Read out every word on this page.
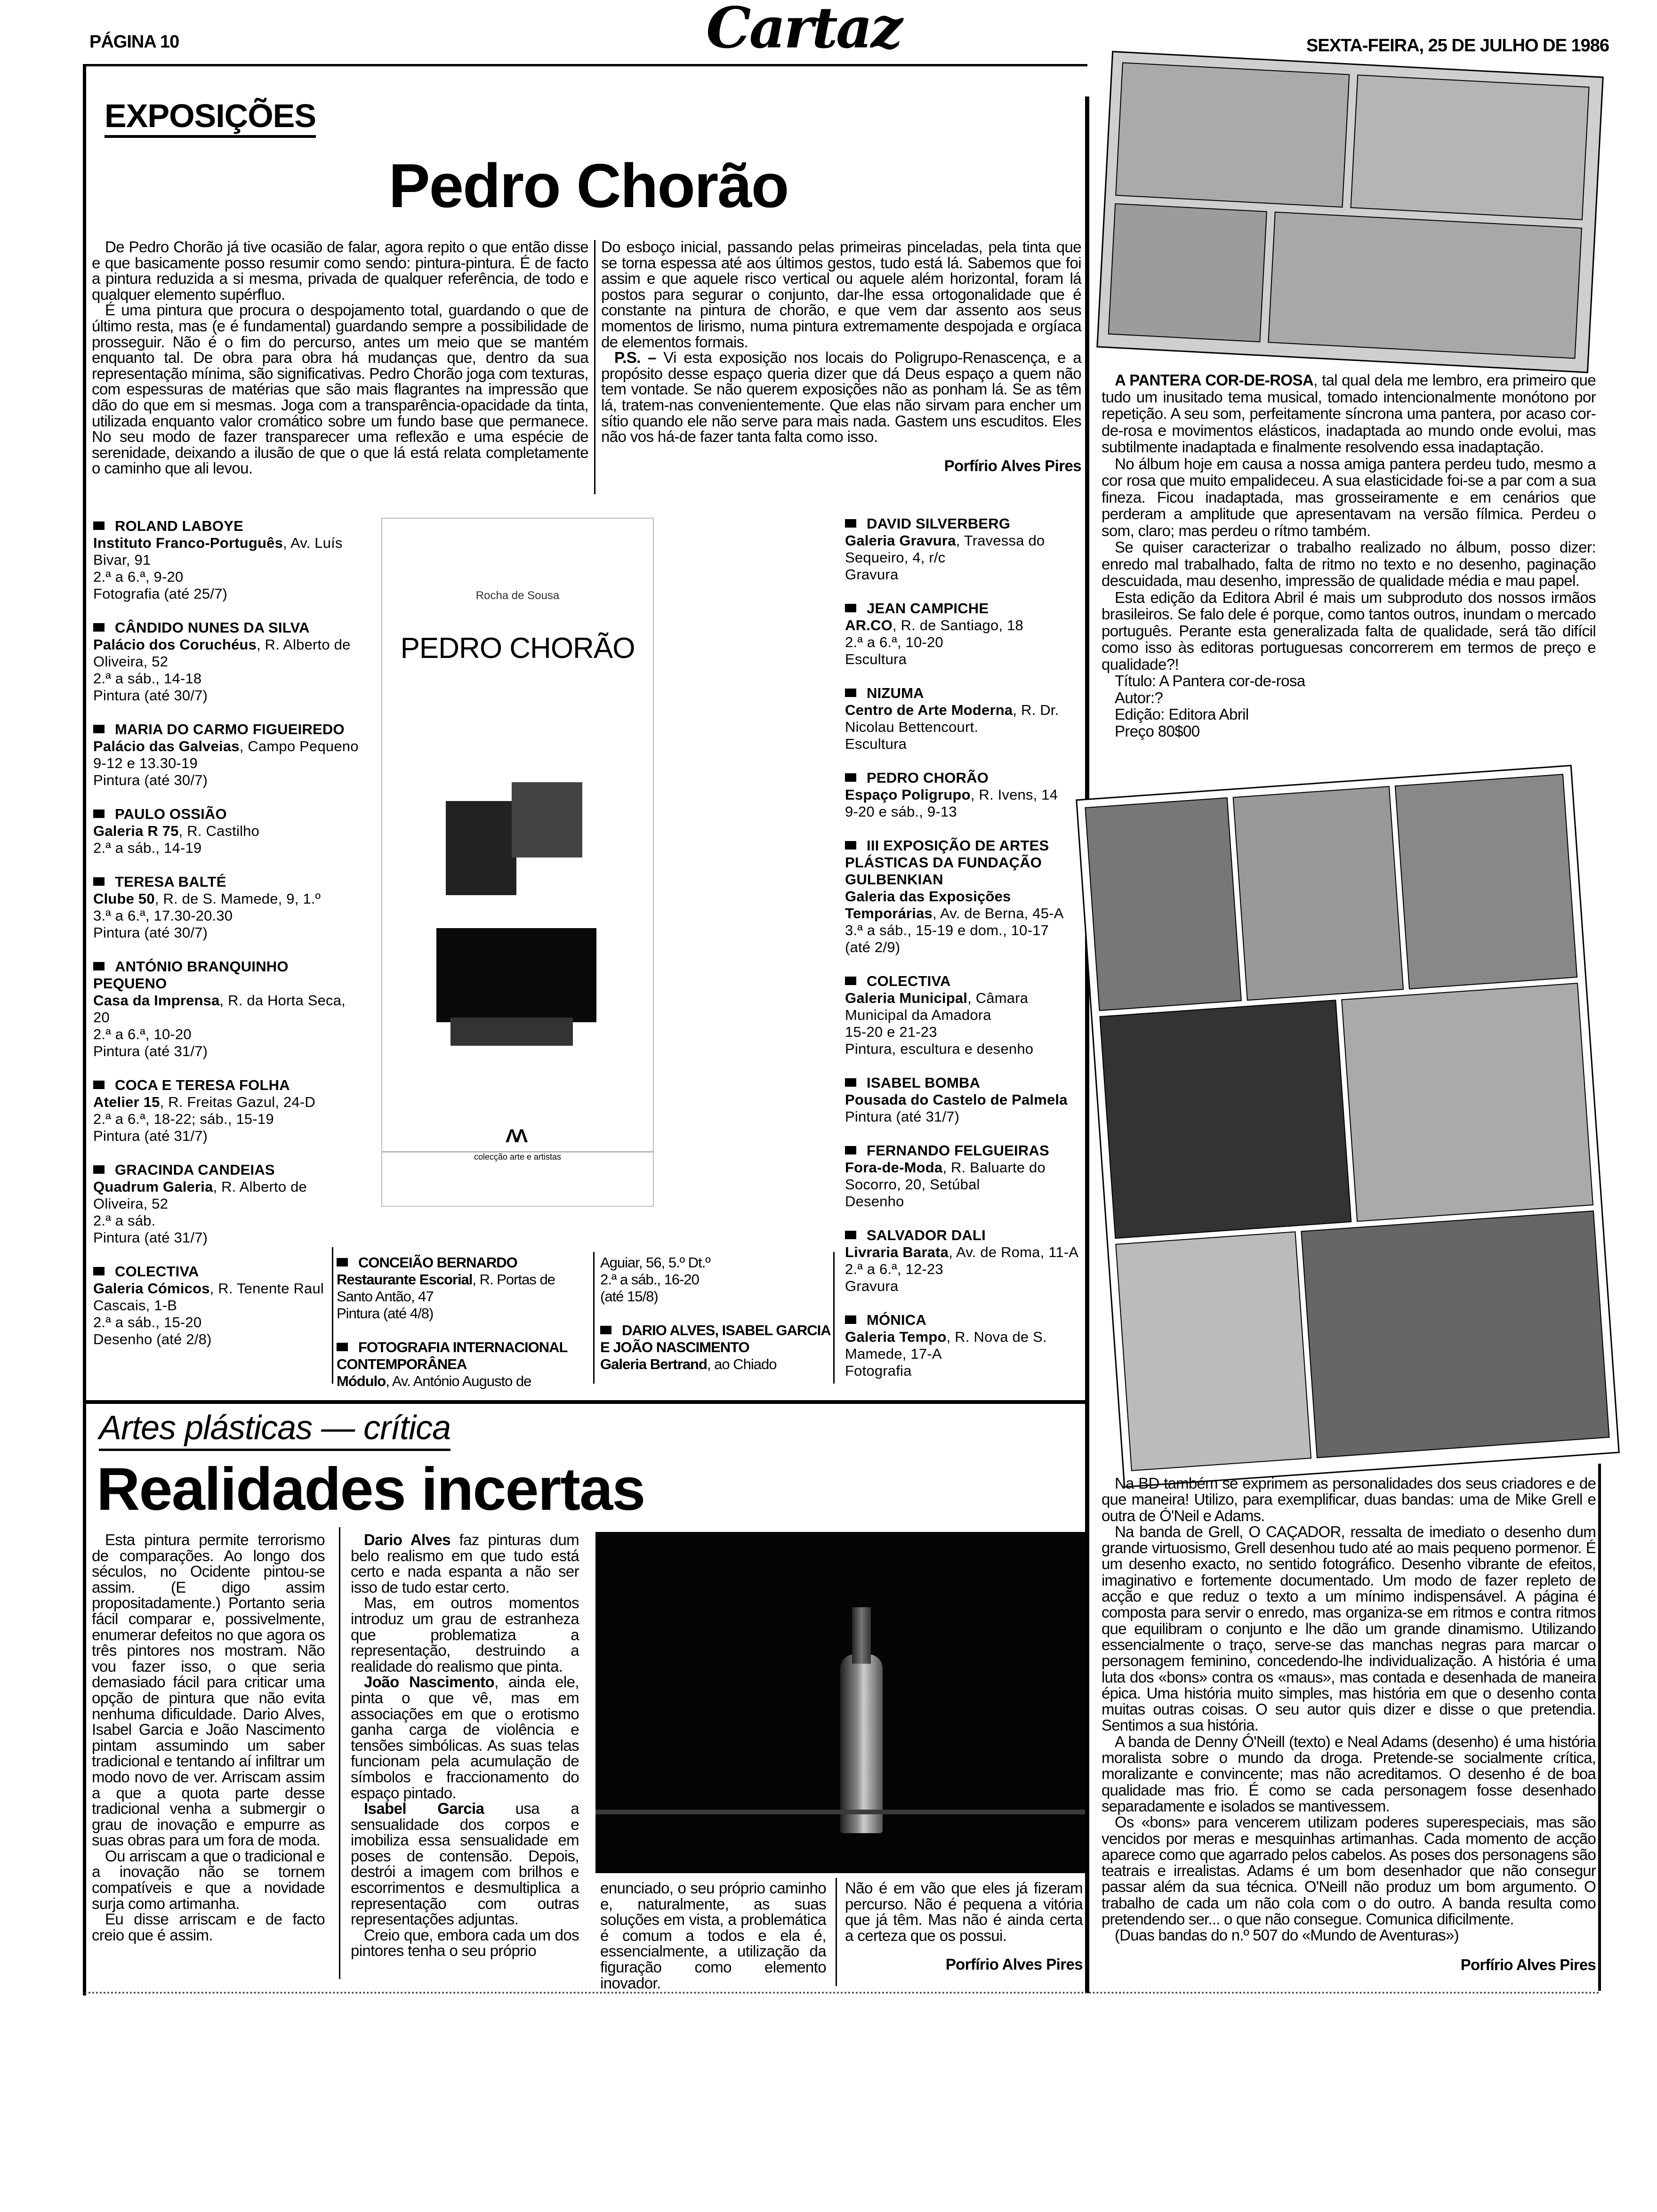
PÁGINA 10	Cartaz	SEXTA-FEIRA, 25 DE JULHO DE 1986
EXPOSIÇÕES
Pedro Chorão

De Pedro Chorão já tive ocasião de falar, agora repito o que então disse e que basicamente posso resumir como sendo: pintura-pintura. É de facto a pintura reduzida a si mesma, privada de qualquer referência, de todo e qualquer elemento supérfluo.

É uma pintura que procura o despojamento total, guardando o que de último resta, mas (e é fundamental) guardando sempre a possibilidade de prosseguir. Não é o fim do percurso, antes um meio que se mantém enquanto tal. De obra para obra há mudanças que, dentro da sua representação mínima, são significativas. Pedro Chorão joga com texturas, com espessuras de matérias que são mais flagrantes na impressão que dão do que em si mesmas. Joga com a transparência-opacidade da tinta, utilizada enquanto valor cromático sobre um fundo base que permanece. No seu modo de fazer transparecer uma reflexão e uma espécie de serenidade, deixando a ilusão de que o que lá está relata completamente o caminho que ali levou.

Do esboço inicial, passando pelas primeiras pinceladas, pela tinta que se torna espessa até aos últimos gestos, tudo está lá. Sabemos que foi assim e que aquele risco vertical ou aquele além horizontal, foram lá postos para segurar o conjunto, dar-lhe essa ortogonalidade que é constante na pintura de chorão, e que vem dar assento aos seus momentos de lirismo, numa pintura extremamente despojada e orgíaca de elementos formais.

P.S. – Vi esta exposição nos locais do Poligrupo-Renascença, e a propósito desse espaço queria dizer que dá Deus espaço a quem não tem vontade. Se não querem exposições não as ponham lá. Se as têm lá, tratem-nas convenientemente. Que elas não sirvam para encher um sítio quando ele não serve para mais nada. Gastem uns escuditos. Eles não vos há-de fazer tanta falta como isso.

Porfírio Alves Pires

ROLAND LABOYE
Instituto Franco-Português, Av. Luís Bivar, 91
2.ª a 6.ª, 9-20
Fotografia (até 25/7)
CÂNDIDO NUNES DA SILVA
Palácio dos Coruchéus, R. Alberto de Oliveira, 52
2.ª a sáb., 14-18
Pintura (até 30/7)
MARIA DO CARMO FIGUEIREDO
Palácio das Galveias, Campo Pequeno
9-12 e 13.30-19
Pintura (até 30/7)
PAULO OSSIÃO
Galeria R 75, R. Castilho
2.ª a sáb., 14-19
TERESA BALTÉ
Clube 50, R. de S. Mamede, 9, 1.º
3.ª a 6.ª, 17.30-20.30
Pintura (até 30/7)
ANTÓNIO BRANQUINHO PEQUENO
Casa da Imprensa, R. da Horta Seca, 20
2.ª a 6.ª, 10-20
Pintura (até 31/7)
COCA E TERESA FOLHA
Atelier 15, R. Freitas Gazul, 24-D
2.ª a 6.ª, 18-22; sáb., 15-19
Pintura (até 31/7)
GRACINDA CANDEIAS
Quadrum Galeria, R. Alberto de Oliveira, 52
2.ª a sáb.
Pintura (até 31/7)
COLECTIVA
Galeria Cómicos, R. Tenente Raul Cascais, 1-B
2.ª a sáb., 15-20
Desenho (até 2/8)
Rocha de Sousa
PEDRO CHORÃO
ΛΛ
colecção arte e artistas
CONCEIÃO BERNARDO
Restaurante Escorial, R. Portas de Santo Antão, 47
Pintura (até 4/8)
FOTOGRAFIA INTERNACIONAL CONTEMPORÂNEA
Módulo, Av. António Augusto de
Aguiar, 56, 5.º Dt.º
2.ª a sáb., 16-20
(até 15/8)
DARIO ALVES, ISABEL GARCIA E JOÃO NASCIMENTO
Galeria Bertrand, ao Chiado
DAVID SILVERBERG
Galeria Gravura, Travessa do Sequeiro, 4, r/c
Gravura
JEAN CAMPICHE
AR.CO, R. de Santiago, 18
2.ª a 6.ª, 10-20
Escultura
NIZUMA
Centro de Arte Moderna, R. Dr. Nicolau Bettencourt.
Escultura
PEDRO CHORÃO
Espaço Poligrupo, R. Ivens, 14
9-20 e sáb., 9-13
III EXPOSIÇÃO DE ARTES PLÁSTICAS DA FUNDAÇÃO GULBENKIAN
Galeria das Exposições Temporárias, Av. de Berna, 45-A
3.ª a sáb., 15-19 e dom., 10-17
(até 2/9)
COLECTIVA
Galeria Municipal, Câmara Municipal da Amadora
15-20 e 21-23
Pintura, escultura e desenho
ISABEL BOMBA
Pousada do Castelo de Palmela
Pintura (até 31/7)
FERNANDO FELGUEIRAS
Fora-de-Moda, R. Baluarte do Socorro, 20, Setúbal
Desenho
SALVADOR DALI
Livraria Barata, Av. de Roma, 11-A
2.ª a 6.ª, 12-23
Gravura
MÓNICA
Galeria Tempo, R. Nova de S. Mamede, 17-A
Fotografia
Artes plásticas — crítica
Realidades incertas

Esta pintura permite terrorismo de comparações. Ao longo dos séculos, no Ocidente pintou-se assim. (E digo assim propositadamente.) Portanto seria fácil comparar e, possivelmente, enumerar defeitos no que agora os três pintores nos mostram. Não vou fazer isso, o que seria demasiado fácil para criticar uma opção de pintura que não evita nenhuma dificuldade. Dario Alves, Isabel Garcia e João Nascimento pintam assumindo um saber tradicional e tentando aí infiltrar um modo novo de ver. Arriscam assim a que a quota parte desse tradicional venha a submergir o grau de inovação e empurre as suas obras para um fora de moda.

Ou arriscam a que o tradicional e a inovação não se tornem compatíveis e que a novidade surja como artimanha.

Eu disse arriscam e de facto creio que é assim.

Dario Alves faz pinturas dum belo realismo em que tudo está certo e nada espanta a não ser isso de tudo estar certo.

Mas, em outros momentos introduz um grau de estranheza que problematiza a representação, destruindo a realidade do realismo que pinta.

João Nascimento, ainda ele, pinta o que vê, mas em associações em que o erotismo ganha carga de violência e tensões simbólicas. As suas telas funcionam pela acumulação de símbolos e fraccionamento do espaço pintado.

Isabel Garcia usa a sensualidade dos corpos e imobiliza essa sensualidade em poses de contensão. Depois, destrói a imagem com brilhos e escorrimentos e desmultiplica a representação com outras representações adjuntas.

Creio que, embora cada um dos pintores tenha o seu próprio

enunciado, o seu próprio caminho e, naturalmente, as suas soluções em vista, a problemática é comum a todos e ela é, essencialmente, a utilização da figuração como elemento inovador.

Não é em vão que eles já fizeram percurso. Não é pequena a vitória que já têm. Mas não é ainda certa a certeza que os possui.

Porfírio Alves Pires

A PANTERA COR-DE-ROSA, tal qual dela me lembro, era primeiro que tudo um inusitado tema musical, tomado intencionalmente monótono por repetição. A seu som, perfeitamente síncrona uma pantera, por acaso cor-de-rosa e movimentos elásticos, inadaptada ao mundo onde evolui, mas subtilmente inadaptada e finalmente resolvendo essa inadaptação.

No álbum hoje em causa a nossa amiga pantera perdeu tudo, mesmo a cor rosa que muito empalideceu. A sua elasticidade foi-se a par com a sua fineza. Ficou inadaptada, mas grosseiramente e em cenários que perderam a amplitude que apresentavam na versão fílmica. Perdeu o som, claro; mas perdeu o rítmo também.

Se quiser caracterizar o trabalho realizado no álbum, posso dizer: enredo mal trabalhado, falta de ritmo no texto e no desenho, paginação descuidada, mau desenho, impressão de qualidade média e mau papel.

Esta edição da Editora Abril é mais um subproduto dos nossos irmãos brasileiros. Se falo dele é porque, como tantos outros, inundam o mercado português. Perante esta generalizada falta de qualidade, será tão difícil como isso às editoras portuguesas concorrerem em termos de preço e qualidade?!

Título: A Pantera cor-de-rosa

Autor:?

Edição: Editora Abril

Preço 80$00

Na BD também se exprimem as personalidades dos seus criadores e de que maneira! Utilizo, para exemplificar, duas bandas: uma de Mike Grell e outra de Ó'Neil e Adams.

Na banda de Grell, O CAÇADOR, ressalta de imediato o desenho dum grande virtuosismo, Grell desenhou tudo até ao mais pequeno pormenor. É um desenho exacto, no sentido fotográfico. Desenho vibrante de efeitos, imaginativo e fortemente documentado. Um modo de fazer repleto de acção e que reduz o texto a um mínimo indispensável. A página é composta para servir o enredo, mas organiza-se em ritmos e contra ritmos que equilibram o conjunto e lhe dão um grande dinamismo. Utilizando essencialmente o traço, serve-se das manchas negras para marcar o personagem feminino, concedendo-lhe individualização. A história é uma luta dos «bons» contra os «maus», mas contada e desenhada de maneira épica. Uma história muito simples, mas história em que o desenho conta muitas outras coisas. O seu autor quis dizer e disse o que pretendia. Sentimos a sua história.

A banda de Denny Ó'Neill (texto) e Neal Adams (desenho) é uma história moralista sobre o mundo da droga. Pretende-se socialmente crítica, moralizante e convincente; mas não acreditamos. O desenho é de boa qualidade mas frio. É como se cada personagem fosse desenhado separadamente e isolados se mantivessem.

Os «bons» para vencerem utilizam poderes superespeciais, mas são vencidos por meras e mesquinhas artimanhas. Cada momento de acção aparece como que agarrado pelos cabelos. As poses dos personagens são teatrais e irrealistas. Adams é um bom desenhador que não consegur passar além da sua técnica. O'Neill não produz um bom argumento. O trabalho de cada um não cola com o do outro. A banda resulta como pretendendo ser... o que não consegue. Comunica dificilmente.

(Duas bandas do n.º 507 do «Mundo de Aventuras»)

Porfírio Alves Pires
